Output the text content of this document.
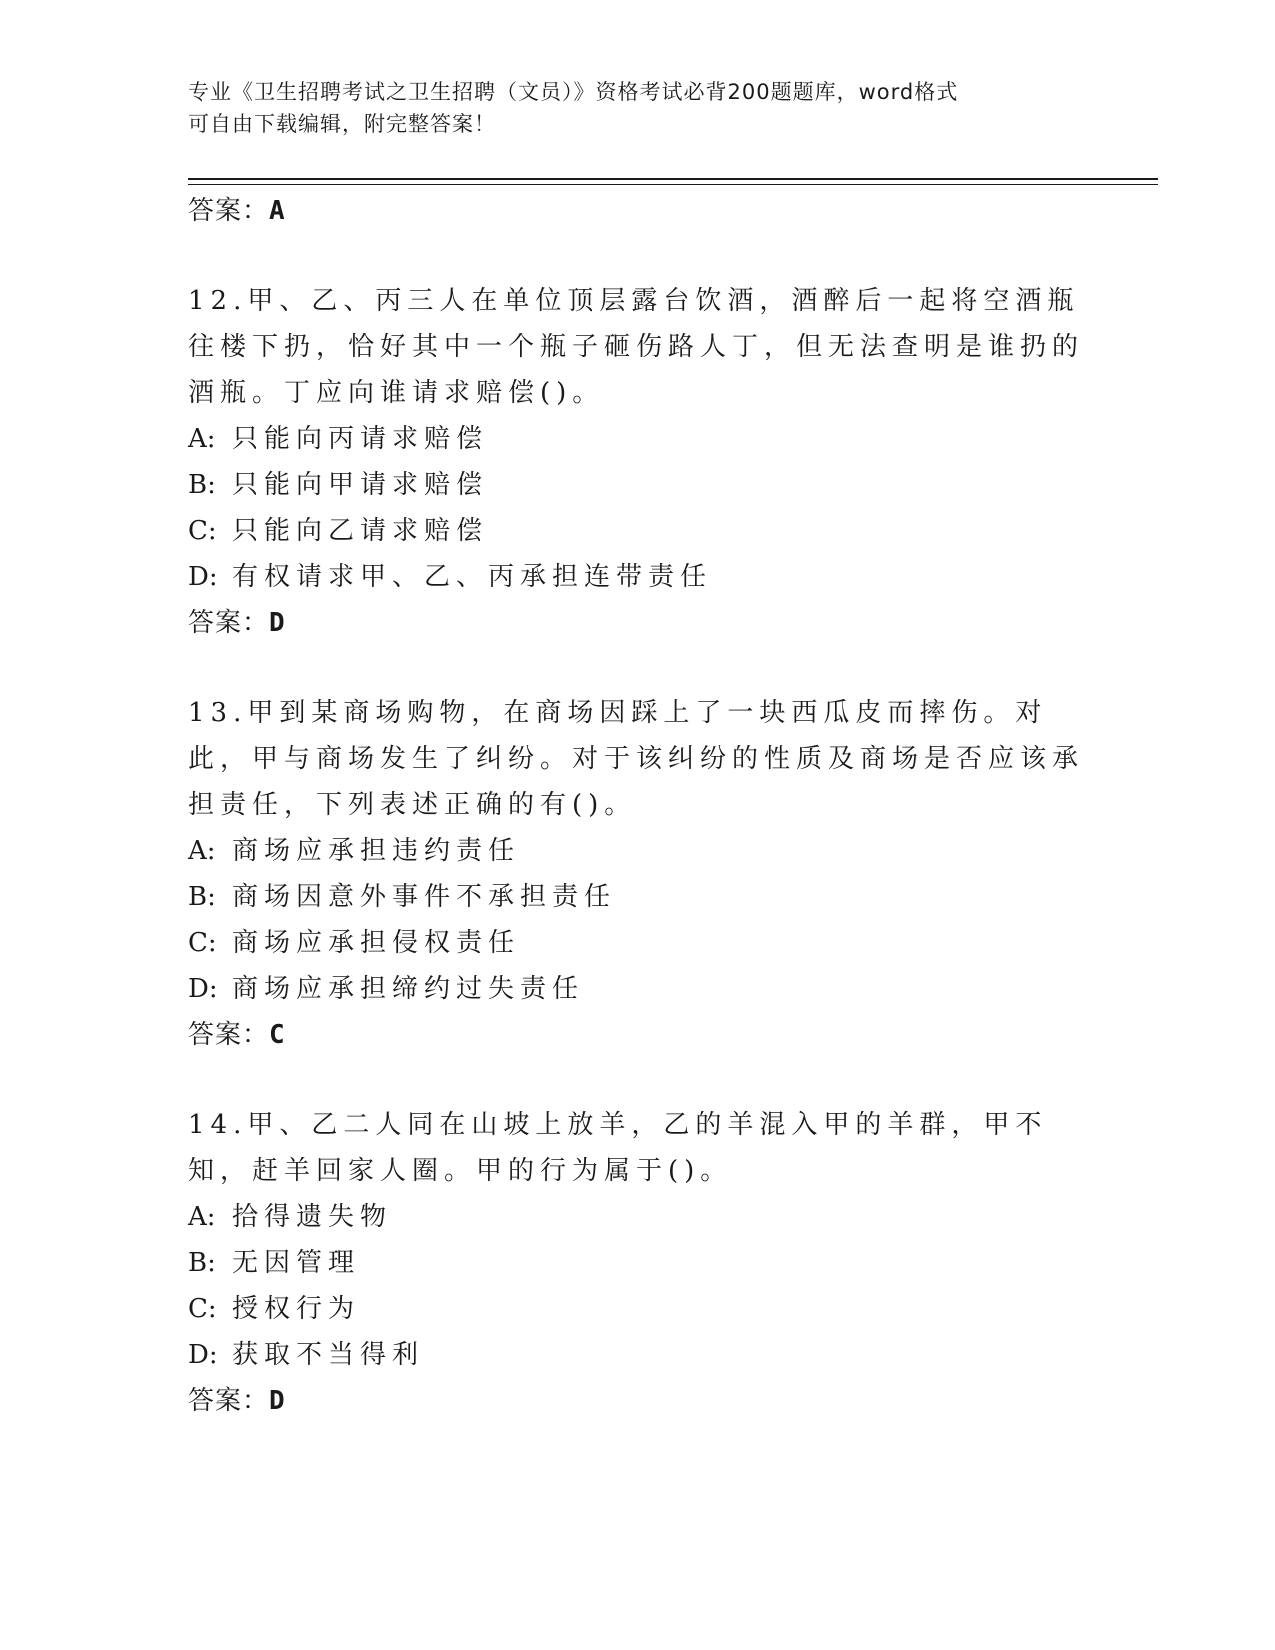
专业《卫生招聘考试之卫生招聘（文员）》资格考试必背200题题库，word格式
可自由下载编辑，附完整答案！
答案：A
12.甲、乙、丙三人在单位顶层露台饮酒，酒醉后一起将空酒瓶往楼下扔，恰好其中一个瓶子砸伤路人丁，但无法查明是谁扔的酒瓶。丁应向谁请求赔偿()。
A: 只能向丙请求赔偿
B: 只能向甲请求赔偿
C: 只能向乙请求赔偿
D: 有权请求甲、乙、丙承担连带责任
答案：D
13.甲到某商场购物，在商场因踩上了一块西瓜皮而摔伤。对此，甲与商场发生了纠纷。对于该纠纷的性质及商场是否应该承担责任，下列表述正确的有()。
A: 商场应承担违约责任
B: 商场因意外事件不承担责任
C: 商场应承担侵权责任
D: 商场应承担缔约过失责任
答案：C
14.甲、乙二人同在山坡上放羊，乙的羊混入甲的羊群，甲不知，赶羊回家人圈。甲的行为属于()。
A: 拾得遗失物
B: 无因管理
C: 授权行为
D: 获取不当得利
答案：D
